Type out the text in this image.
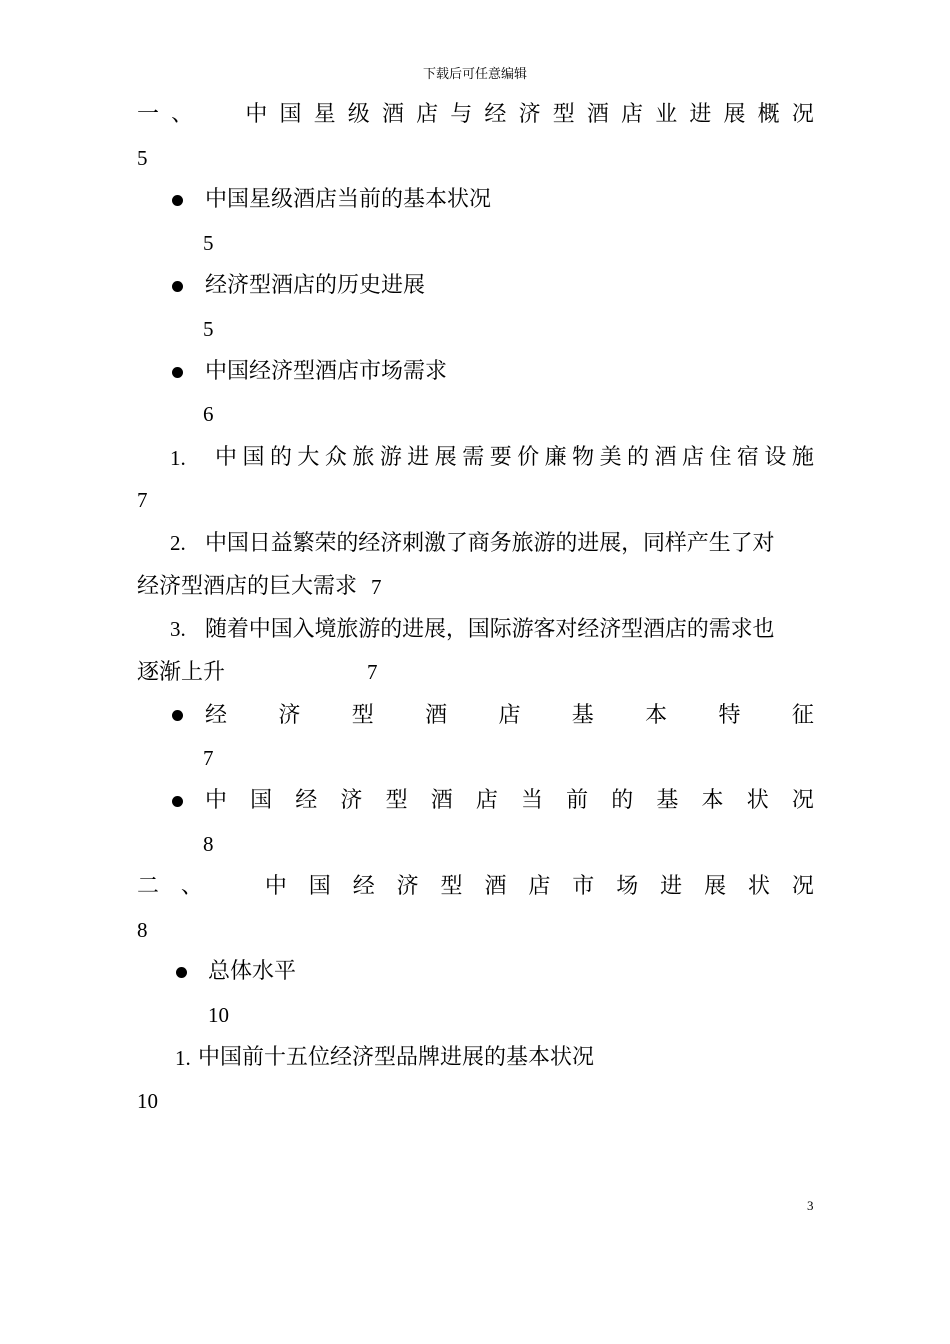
下载后可任意编辑
一 、 中 国 星 级 酒 店 与 经 济 型 酒 店 业 进 展 概 况
5
中国星级酒店当前的基本状况
5
经济型酒店的历史进展
5
中国经济型酒店市场需求
6
1. 中 国 的 大 众 旅 游 进 展 需 要 价 廉 物 美 的 酒 店 住 宿 设 施
7
2. 中国日益繁荣的经济刺激了商务旅游的进展，同样产生了对
经济型酒店的巨大需求 7
3. 随着中国入境旅游的进展，国际游客对经济型酒店的需求也
逐渐上升	7
经 济 型 酒 店 基 本 特 征
7
中 国 经 济 型 酒 店 当 前 的 基 本 状 况
8
二 、	中 国 经 济 型 酒 店 市 场 进 展 状 况
8
总体水平
10
1. 中国前十五位经济型品牌进展的基本状况
10
3
